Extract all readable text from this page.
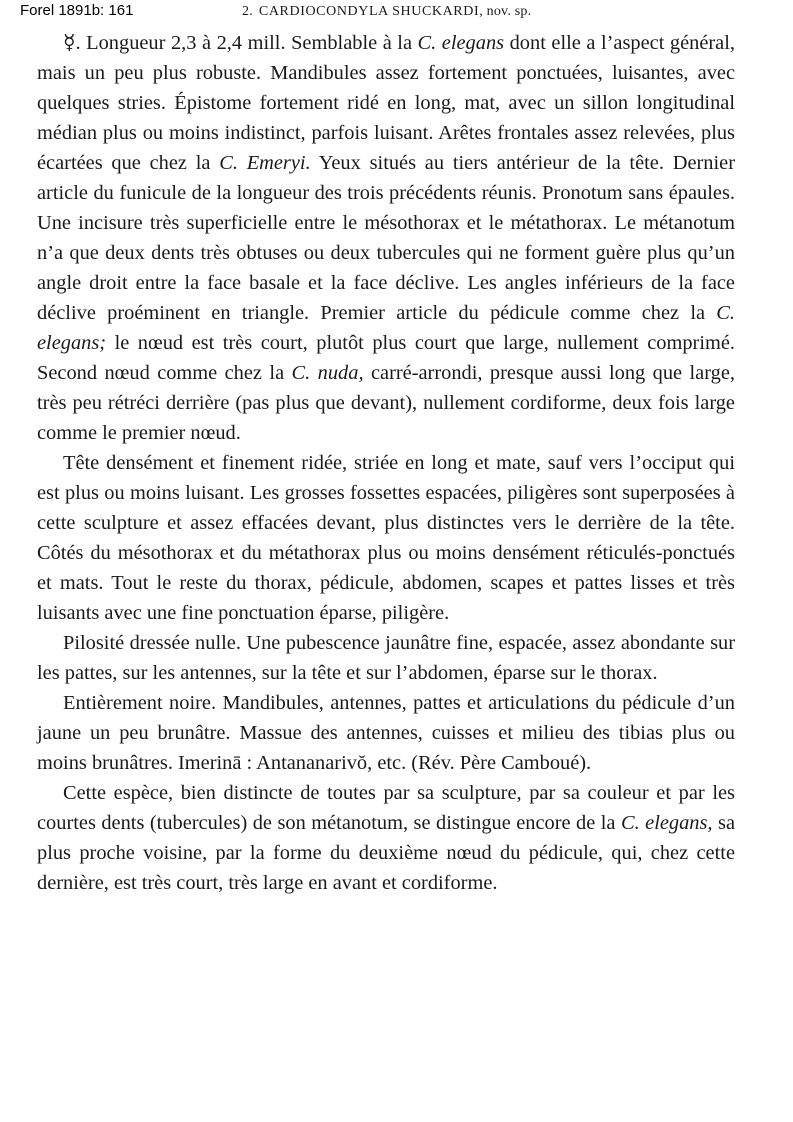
Forel 1891b: 161	2. CARDIOCONDYLA SHUCKARDI, nov. sp.

☿. Longueur 2,3 à 2,4 mill. Semblable à la C. elegans dont elle a l’aspect général, mais un peu plus robuste. Mandibules assez fortement ponctuées, luisantes, avec quelques stries. Épistome fortement ridé en long, mat, avec un sillon longitudinal médian plus ou moins indistinct, parfois luisant. Arêtes frontales assez relevées, plus écartées que chez la C. Emeryi. Yeux situés au tiers antérieur de la tête. Dernier article du funicule de la longueur des trois précédents réunis. Pronotum sans épaules. Une incisure très superficielle entre le mésothorax et le métathorax. Le métanotum n’a que deux dents très obtuses ou deux tubercules qui ne forment guère plus qu’un angle droit entre la face basale et la face déclive. Les angles inférieurs de la face déclive proéminent en triangle. Premier article du pédicule comme chez la C. elegans; le nœud est très court, plutôt plus court que large, nullement comprimé. Second nœud comme chez la C. nuda, carré-arrondi, presque aussi long que large, très peu rétréci derrière (pas plus que devant), nullement cordiforme, deux fois large comme le premier nœud.

Tête densément et finement ridée, striée en long et mate, sauf vers l’occiput qui est plus ou moins luisant. Les grosses fossettes espacées, piligères sont superposées à cette sculpture et assez effacées devant, plus distinctes vers le derrière de la tête. Côtés du mésothorax et du métathorax plus ou moins densément réticulés-ponctués et mats. Tout le reste du thorax, pédicule, abdomen, scapes et pattes lisses et très luisants avec une fine ponctuation éparse, piligère.

Pilosité dressée nulle. Une pubescence jaunâtre fine, espacée, assez abondante sur les pattes, sur les antennes, sur la tête et sur l’abdomen, éparse sur le thorax.

Entièrement noire. Mandibules, antennes, pattes et articulations du pédicule d’un jaune un peu brunâtre. Massue des antennes, cuisses et milieu des tibias plus ou moins brunâtres. Imerinā : Antananarivŏ, etc. (Rév. Père Camboué).

Cette espèce, bien distincte de toutes par sa sculpture, par sa couleur et par les courtes dents (tubercules) de son métanotum, se distingue encore de la C. elegans, sa plus proche voisine, par la forme du deuxième nœud du pédicule, qui, chez cette dernière, est très court, très large en avant et cordiforme.
